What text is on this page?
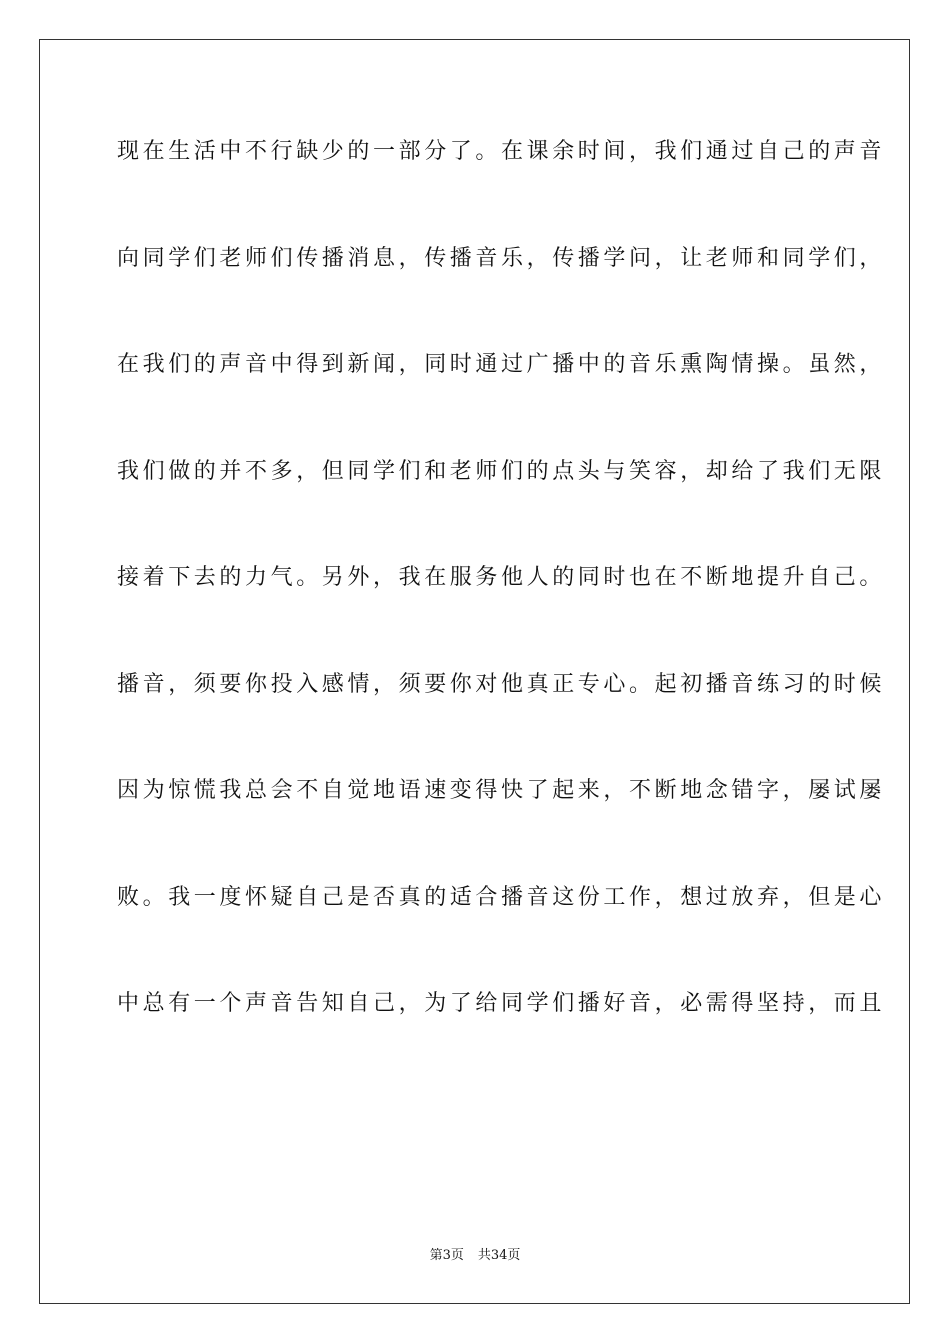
现在生活中不行缺少的一部分了。在课余时间，我们通过自己的声音
向同学们老师们传播消息，传播音乐，传播学问，让老师和同学们，
在我们的声音中得到新闻，同时通过广播中的音乐熏陶情操。虽然，
我们做的并不多，但同学们和老师们的点头与笑容，却给了我们无限
接着下去的力气。另外，我在服务他人的同时也在不断地提升自己。
播音，须要你投入感情，须要你对他真正专心。起初播音练习的时候
因为惊慌我总会不自觉地语速变得快了起来，不断地念错字，屡试屡
败。我一度怀疑自己是否真的适合播音这份工作，想过放弃，但是心
中总有一个声音告知自己，为了给同学们播好音，必需得坚持，而且
第3页 共34页
